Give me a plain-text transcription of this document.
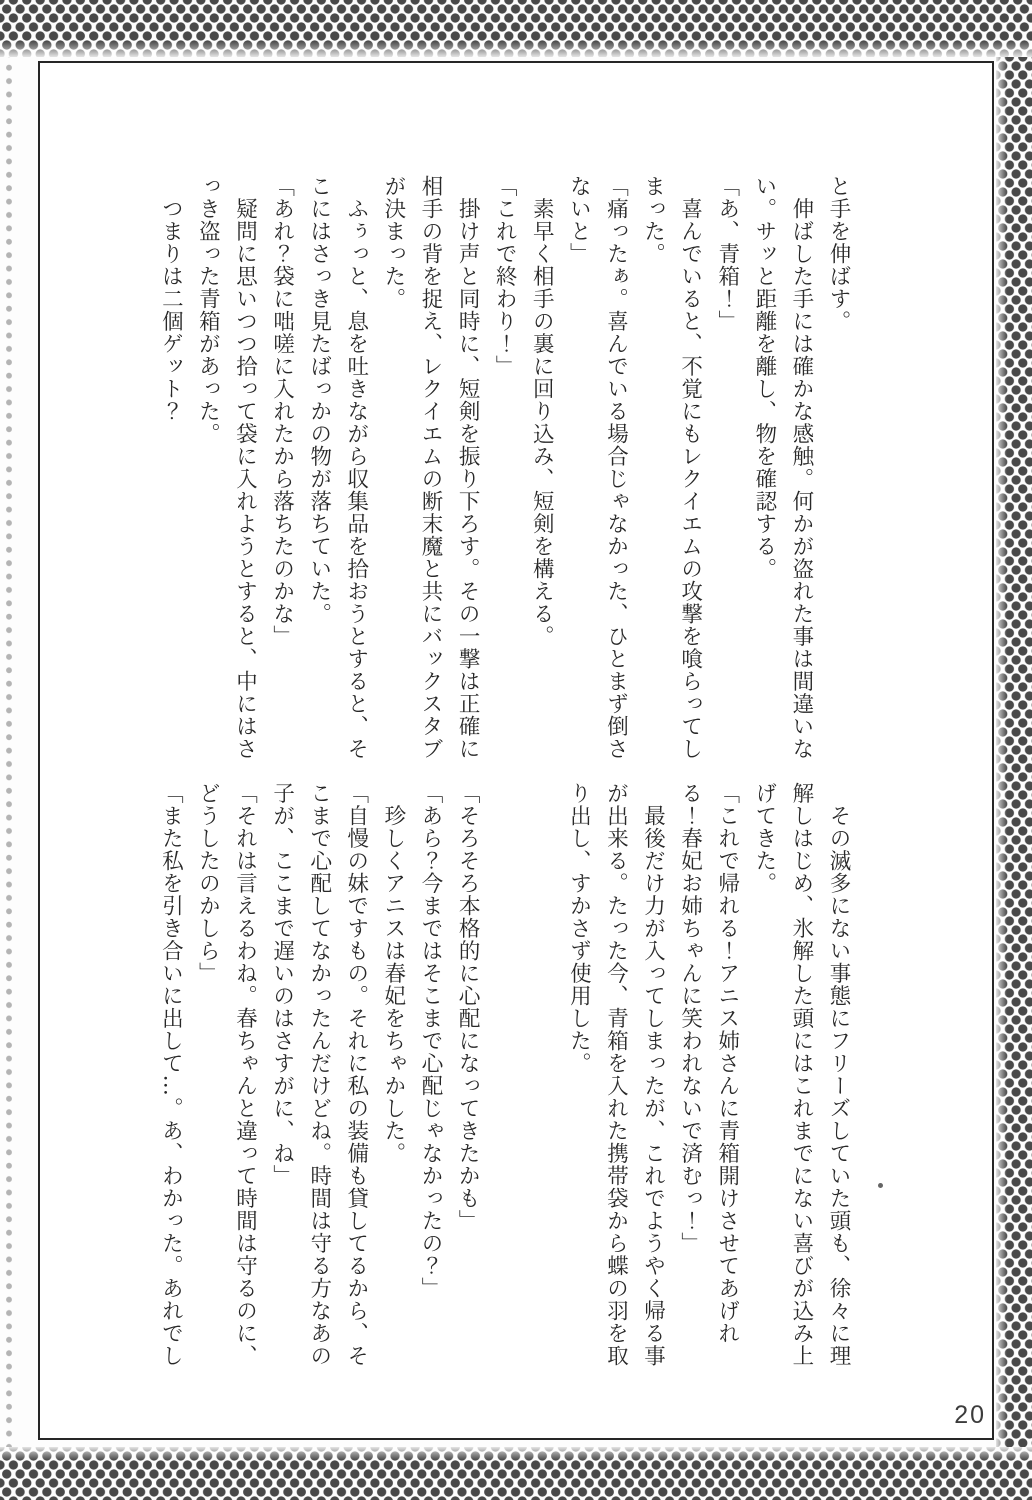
と手を伸ばす。

　伸ばした手には確かな感触。何かが盗れた事は間違いな

い。サッと距離を離し、物を確認する。

「あ、青箱！」

　喜んでいると、不覚にもレクイエムの攻撃を喰らってし

まった。

「痛ったぁ。喜んでいる場合じゃなかった、ひとまず倒さ

ないと」

　素早く相手の裏に回り込み、短剣を構える。

「これで終わり！」

　掛け声と同時に、短剣を振り下ろす。その一撃は正確に

相手の背を捉え、レクイエムの断末魔と共にバックスタブ

が決まった。

　ふぅっと、息を吐きながら収集品を拾おうとすると、そ

こにはさっき見たばっかの物が落ちていた。

「あれ？袋に咄嗟に入れたから落ちたのかな」

　疑問に思いつつ拾って袋に入れようとすると、中にはさ

っき盗った青箱があった。

　つまりは二個ゲット？

　その滅多にない事態にフリーズしていた頭も、徐々に理

解しはじめ、氷解した頭にはこれまでにない喜びが込み上

げてきた。

「これで帰れる！アニス姉さんに青箱開けさせてあげれ

る！春妃お姉ちゃんに笑われないで済むっ！」

　最後だけ力が入ってしまったが、これでようやく帰る事

が出来る。たった今、青箱を入れた携帯袋から蝶の羽を取

り出し、すかさず使用した。

「そろそろ本格的に心配になってきたかも」

「あら？今まではそこまで心配じゃなかったの？」

　珍しくアニスは春妃をちゃかした。

「自慢の妹ですもの。それに私の装備も貸してるから、そ

こまで心配してなかったんだけどね。時間は守る方なあの

子が、ここまで遅いのはさすがに、ね」

「それは言えるわね。春ちゃんと違って時間は守るのに、

どうしたのかしら」

「また私を引き合いに出して…。あ、わかった。あれでし

20
